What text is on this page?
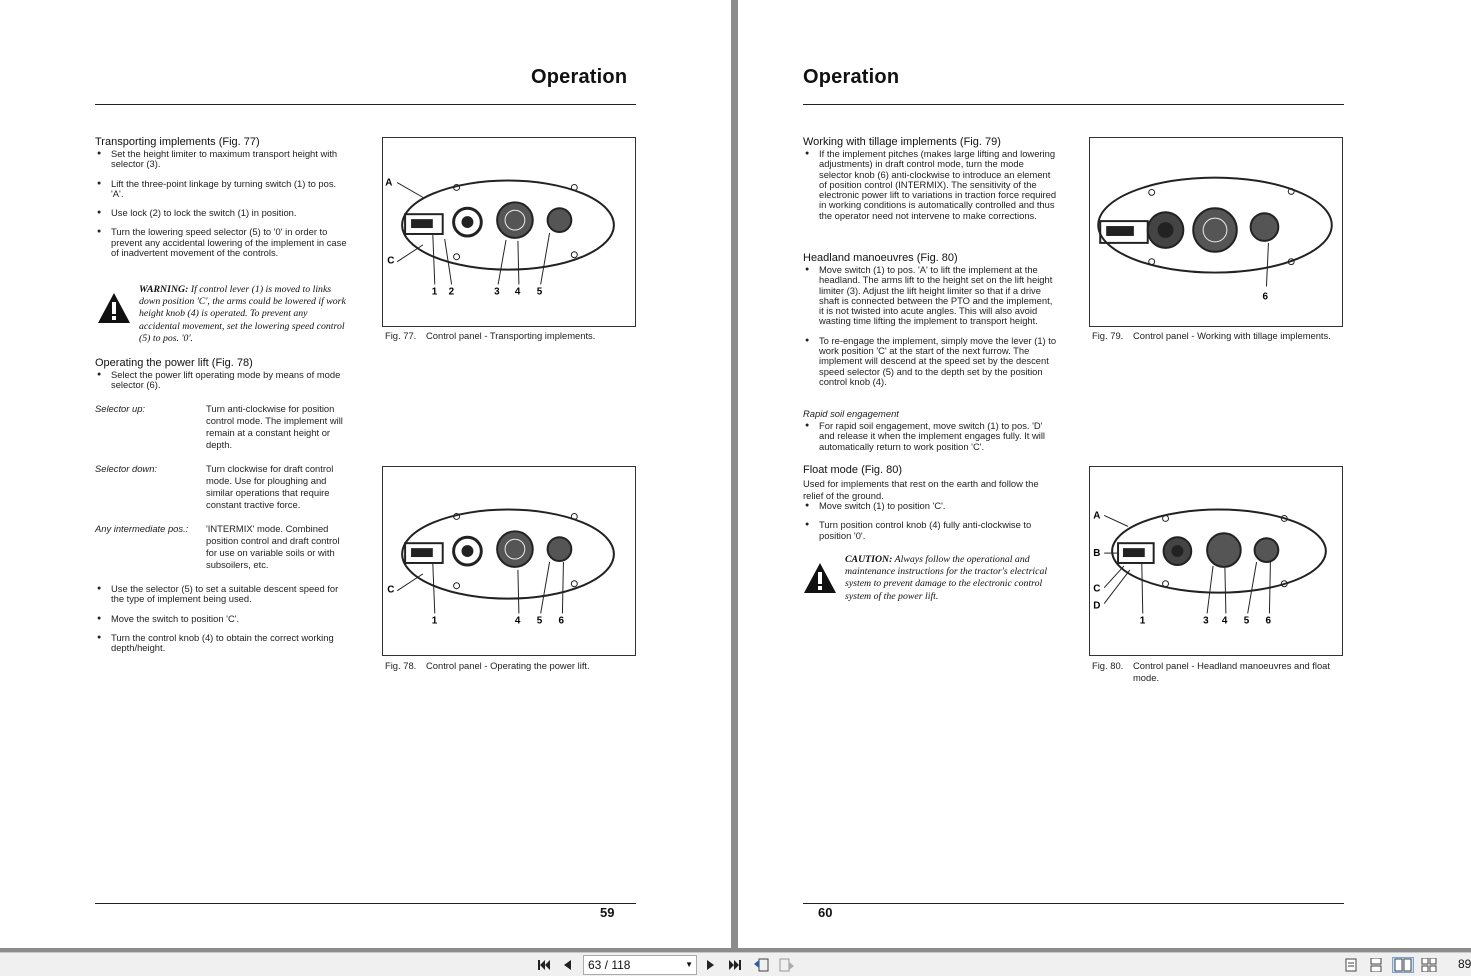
Operation
Transporting implements (Fig. 77)
● Set the height limiter to maximum transport height with selector (3).
● Lift the three-point linkage by turning switch (1) to pos. 'A'.
● Use lock (2) to lock the switch (1) in position.
● Turn the lowering speed selector (5) to '0' in order to prevent any accidental lowering of the implement in case of inadvertent movement of the controls.
WARNING: If control lever (1) is moved to links down position 'C', the arms could be lowered if work height knob (4) is operated. To prevent any accidental movement, set the lowering speed control (5) to pos. '0'.
Operating the power lift (Fig. 78)
● Select the power lift operating mode by means of mode selector (6).
Selector up:	Turn anti-clockwise for position control mode. The implement will remain at a constant height or depth.
Selector down:	Turn clockwise for draft control mode. Use for ploughing and similar operations that require constant tractive force.
Any intermediate pos.:	'INTERMIX' mode. Combined position control and draft control for use on variable soils or with subsoilers, etc.
● Use the selector (5) to set a suitable descent speed for the type of implement being used.
● Move the switch to position 'C'.
● Turn the control knob (4) to obtain the correct working depth/height.
A
C
1 2	3 4 5
Fig. 77.	Control panel - Transporting implements.
C
1	4 5 6
Fig. 78.	Control panel - Operating the power lift.
59
Operation
Working with tillage implements (Fig. 79)
● If the implement pitches (makes large lifting and lowering adjustments) in draft control mode, turn the mode selector knob (6) anti-clockwise to introduce an element of position control (INTERMIX). The sensitivity of the electronic power lift to variations in traction force required in working conditions is automatically controlled and thus the operator need not intervene to make corrections.
Headland manoeuvres (Fig. 80)
● Move switch (1) to pos. 'A' to lift the implement at the headland. The arms lift to the height set on the lift height limiter (3). Adjust the lift height limiter so that if a drive shaft is connected between the PTO and the implement, it is not twisted into acute angles. This will also avoid wasting time lifting the implement to transport height.
● To re-engage the implement, simply move the lever (1) to work position 'C' at the start of the next furrow. The implement will descend at the speed set by the descent speed selector (5) and to the depth set by the position control knob (4).
Rapid soil engagement
● For rapid soil engagement, move switch (1) to pos. 'D' and release it when the implement engages fully. It will automatically return to work position 'C'.
Float mode (Fig. 80)
Used for implements that rest on the earth and follow the relief of the ground.
● Move switch (1) to position 'C'.
● Turn position control knob (4) fully anti-clockwise to position '0'.
CAUTION: Always follow the operational and maintenance instructions for the tractor's electrical system to prevent damage to the electronic control system of the power lift.
6
Fig. 79.	Control panel - Working with tillage implements.
A
B
C
D
1	3 4 5 6
Fig. 80.	Control panel - Headland manoeuvres and float mode.
60
63 / 118	▼	89
